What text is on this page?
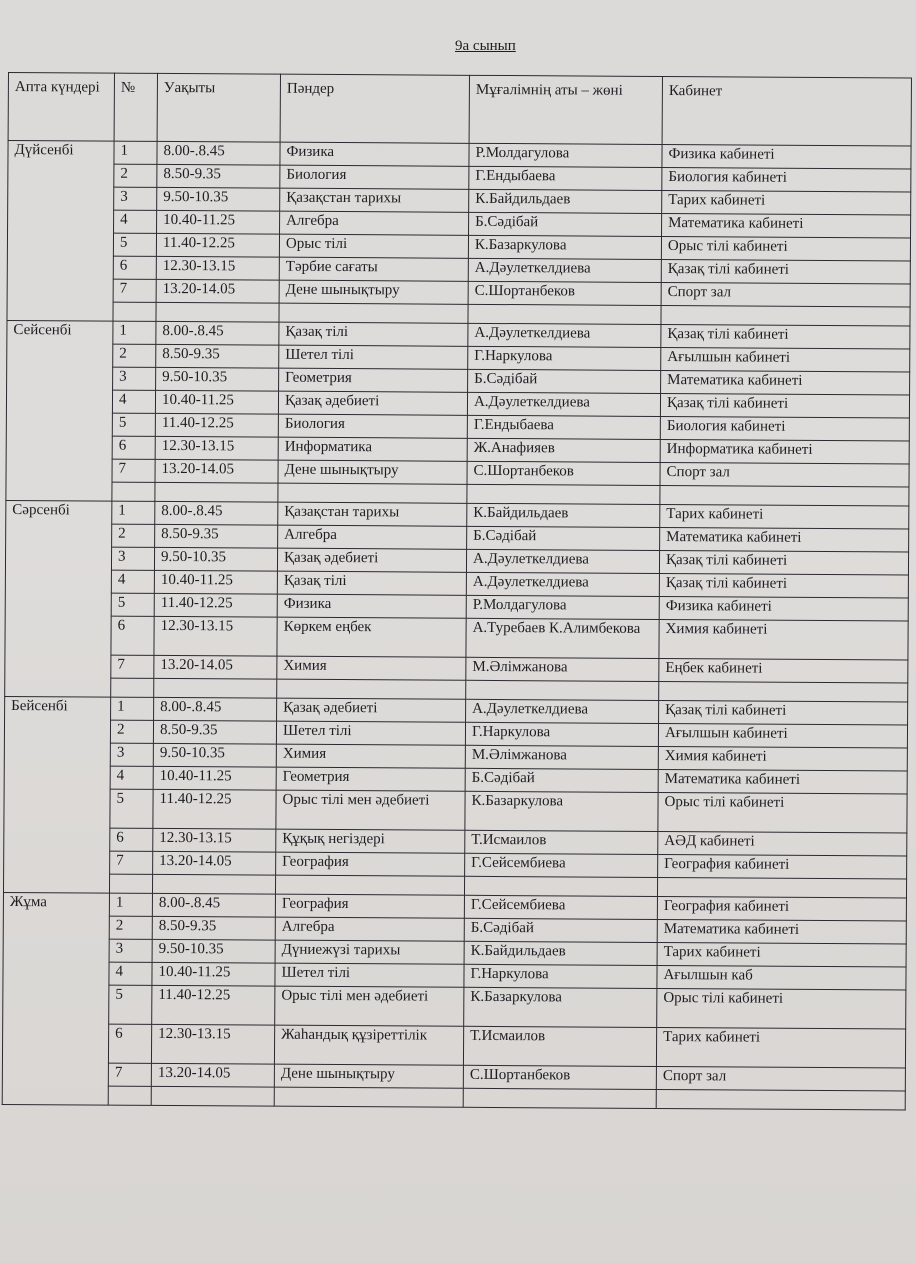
9а сынып
Апта күндері	№	Уақыты	Пәндер	Мұғалімнің аты – жөні	Кабинет
Дүйсенбі	1	8.00-.8.45	Физика	Р.Молдагулова	Физика кабинеті
	2	8.50-9.35	Биология	Г.Ендыбаева	Биология кабинеті
	3	9.50-10.35	Қазақстан тарихы	К.Байдильдаев	Тарих кабинеті
	4	10.40-11.25	Алгебра	Б.Сәдібай	Математика кабинеті
	5	11.40-12.25	Орыс тілі	К.Базаркулова	Орыс тілі кабинеті
	6	12.30-13.15	Тәрбие сағаты	А.Дәулеткелдиева	Қазақ тілі кабинеті
	7	13.20-14.05	Дене шынықтыру	С.Шортанбеков	Спорт зал

Сейсенбі	1	8.00-.8.45	Қазақ тілі	А.Дәулеткелдиева	Қазақ тілі кабинеті
	2	8.50-9.35	Шетел тілі	Г.Наркулова	Ағылшын кабинеті
	3	9.50-10.35	Геометрия	Б.Сәдібай	Математика кабинеті
	4	10.40-11.25	Қазақ әдебиеті	А.Дәулеткелдиева	Қазақ тілі кабинеті
	5	11.40-12.25	Биология	Г.Ендыбаева	Биология кабинеті
	6	12.30-13.15	Информатика	Ж.Анафияев	Информатика кабинеті
	7	13.20-14.05	Дене шынықтыру	С.Шортанбеков	Спорт зал

Сәрсенбі	1	8.00-.8.45	Қазақстан тарихы	К.Байдильдаев	Тарих кабинеті
	2	8.50-9.35	Алгебра	Б.Сәдібай	Математика кабинеті
	3	9.50-10.35	Қазақ әдебиеті	А.Дәулеткелдиева	Қазақ тілі кабинеті
	4	10.40-11.25	Қазақ тілі	А.Дәулеткелдиева	Қазақ тілі кабинеті
	5	11.40-12.25	Физика	Р.Молдагулова	Физика кабинеті
	6	12.30-13.15	Көркем еңбек	А.Туребаев К.Алимбекова	Химия кабинеті
	7	13.20-14.05	Химия	М.Әлімжанова	Еңбек кабинеті

Бейсенбі	1	8.00-.8.45	Қазақ әдебиеті	А.Дәулеткелдиева	Қазақ тілі кабинеті
	2	8.50-9.35	Шетел тілі	Г.Наркулова	Ағылшын кабинеті
	3	9.50-10.35	Химия	М.Әлімжанова	Химия кабинеті
	4	10.40-11.25	Геометрия	Б.Сәдібай	Математика кабинеті
	5	11.40-12.25	Орыс тілі мен әдебиеті	К.Базаркулова	Орыс тілі кабинеті
	6	12.30-13.15	Құқық негіздері	Т.Исмаилов	АӘД кабинеті
	7	13.20-14.05	География	Г.Сейсембиева	География кабинеті

Жұма	1	8.00-.8.45	География	Г.Сейсембиева	География кабинеті
	2	8.50-9.35	Алгебра	Б.Сәдібай	Математика кабинеті
	3	9.50-10.35	Дүниежүзі тарихы	К.Байдильдаев	Тарих кабинеті
	4	10.40-11.25	Шетел тілі	Г.Наркулова	Ағылшын каб
	5	11.40-12.25	Орыс тілі мен әдебиеті	К.Базаркулова	Орыс тілі кабинеті
	6	12.30-13.15	Жаһандық құзіреттілік	Т.Исмаилов	Тарих кабинеті
	7	13.20-14.05	Дене шынықтыру	С.Шортанбеков	Спорт зал
